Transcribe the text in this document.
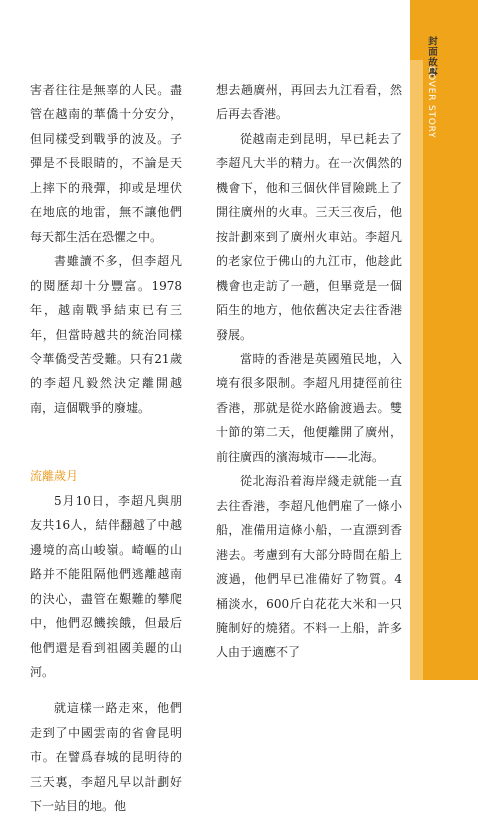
封面故事
COVER STORY

害者往往是無辜的人民。盡管在越南的華僑十分安分，但同樣受到戰爭的波及。子彈是不長眼睛的，不論是天上摔下的飛彈，抑或是埋伏在地底的地雷，無不讓他們每天都生活在恐懼之中。

書雖讀不多，但李超凡的閱歷却十分豐富。1978年，越南戰爭結束已有三年，但當時越共的統治同樣令華僑受苦受難。只有21歲的李超凡毅然決定離開越南，這個戰爭的廢墟。

流離歲月

5月10日，李超凡與朋友共16人，結伴翻越了中越邊境的高山峻嶺。崎嶇的山路并不能阻隔他們逃離越南的決心，盡管在艱難的攀爬中，他們忍饑挨餓，但最后他們還是看到祖國美麗的山河。

就這樣一路走來，他們走到了中國雲南的省會昆明市。在譬爲春城的昆明待的三天裏，李超凡早以計劃好下一站目的地。他

想去趟廣州，再回去九江看看，然后再去香港。

從越南走到昆明，早已耗去了李超凡大半的精力。在一次偶然的機會下，他和三個伙伴冒險跳上了開往廣州的火車。三天三夜后，他按計劃來到了廣州火車站。李超凡的老家位于佛山的九江市，他趁此機會也走訪了一趟，但畢竟是一個陌生的地方，他依舊决定去往香港發展。

當時的香港是英國殖民地，入境有很多限制。李超凡用捷徑前往香港，那就是從水路偷渡過去。雙十節的第二天，他便離開了廣州，前往廣西的濱海城市——北海。

從北海沿着海岸綫走就能一直去往香港，李超凡他們雇了一條小船，准備用這條小船，一直漂到香港去。考慮到有大部分時間在船上渡過，他們早已准備好了物質。4桶淡水，600斤白花花大米和一只腌制好的燒猪。不料一上船，許多人由于適應不了
